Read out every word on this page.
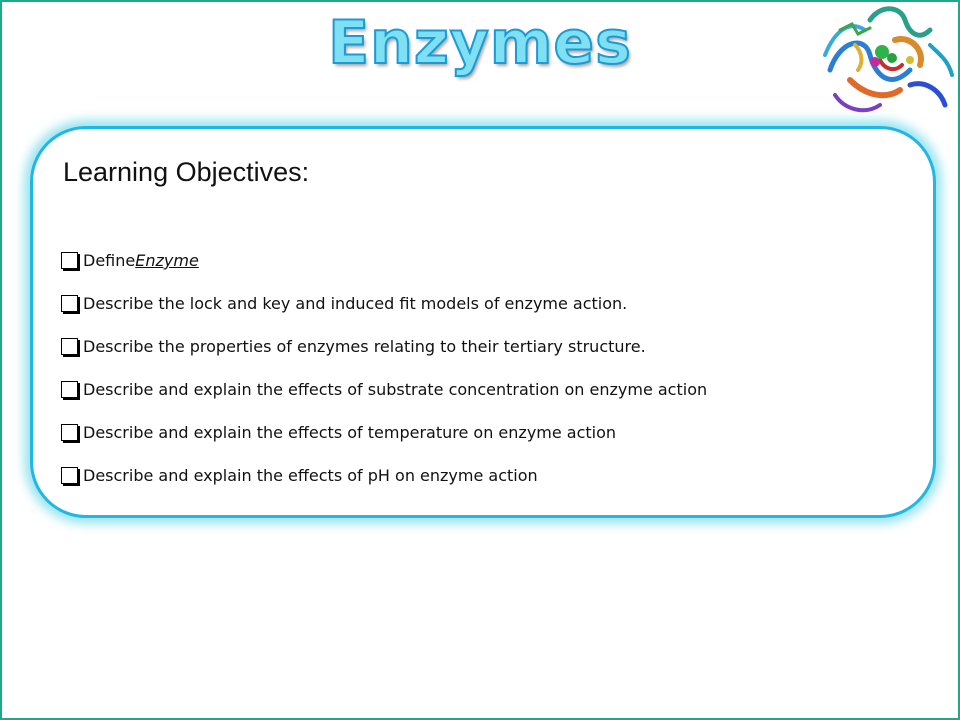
Enzymes
Learning Objectives:
Define Enzyme
Describe the lock and key and induced fit models of enzyme action.
Describe the properties of enzymes relating to their tertiary structure.
Describe and explain the effects of substrate concentration on enzyme action
Describe and explain the effects of temperature on enzyme action
Describe and explain the effects of pH on enzyme action
